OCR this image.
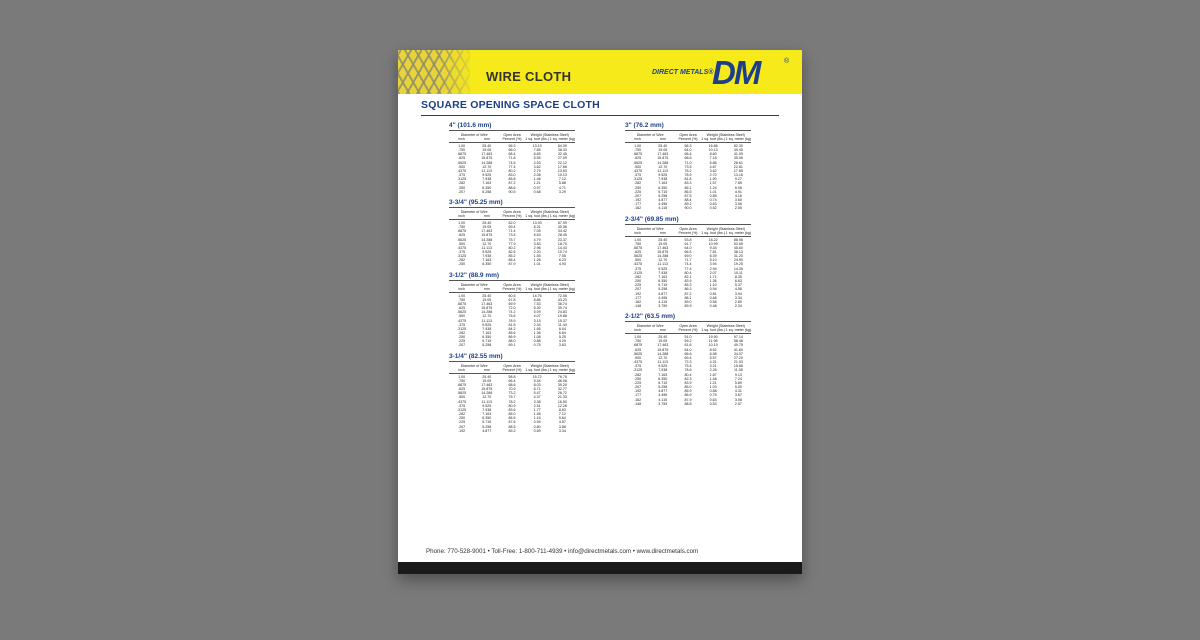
WIRE CLOTH	DIRECT METALS®
DM	®
SQUARE OPENING SPACE CLOTH
4" (101.6 mm)
Diameter of Wire
inch	mm
Open Area Percent (%)
Weight (Stainless Steel)
1 sq. foot (lbs.) 1 sq. meter (kg)
1.00	25.40	56.3	13.19	64.39
.750	19.05	66.0	7.85	38.33
.6875	17.463	68.4	6.65	32.45
.625	15.875	71.8	5.55	27.09
.5625	14.288	74.6	4.53	22.12
.500	12.70	77.4	3.62	17.66
.4375	11.113	80.2	2.79	13.63
.375	9.525	83.0	2.08	10.13
.3125	7.938	85.8	1.46	7.12
.282	7.163	87.2	1.21	5.88
.250	6.350	88.6	0.97	4.71
.207	5.258	90.5	0.68	3.29
3-3/4" (95.25 mm)
Diameter of Wire
inch	mm
Open Area Percent (%)
Weight (Stainless Steel)
1 sq. foot (lbs.) 1 sq. meter (kg)
1.00	25.40	62.0	13.93	67.99
.750	19.05	69.4	8.31	40.56
.6875	17.463	71.4	7.05	34.42
.625	15.875	73.5	5.63	28.45
.5625	14.288	75.7	4.79	23.37
.500	12.70	77.9	3.83	18.70
.4375	11.113	80.2	2.96	14.43
.375	9.525	82.6	2.20	10.74
.3125	7.938	85.2	1.55	7.55
.282	7.163	86.4	1.28	6.23
.250	6.350	87.9	1.01	4.93
3-1/2" (88.9 mm)
Diameter of Wire
inch	mm
Open Area Percent (%)
Weight (Stainless Steel)
1 sq. foot (lbs.) 1 sq. meter (kg)
1.00	25.40	60.5	14.76	72.06
.750	19.05	67.8	8.86	43.23
.6875	17.463	69.9	7.53	36.74
.625	15.875	72.0	6.30	30.74
.5625	14.288	74.2	5.09	24.83
.500	12.70	76.6	4.07	19.88
.4375	11.113	78.9	3.15	15.37
.375	9.525	81.5	2.34	11.44
.3125	7.938	84.2	1.65	8.04
.282	7.163	85.6	1.36	6.64
.250	6.350	86.9	1.08	5.25
.225	5.715	88.0	0.88	4.29
.207	5.258	89.1	0.75	3.63
3-1/4" (82.55 mm)
Diameter of Wire
inch	mm
Open Area Percent (%)
Weight (Stainless Steel)
1 sq. foot (lbs.) 1 sq. meter (kg)
1.00	25.40	58.8	15.72	76.75
.750	19.05	66.4	9.44	46.08
.6875	17.463	68.6	8.03	39.20
.625	15.875	70.9	6.71	32.77
.5625	14.288	73.2	5.47	26.72
.500	12.70	75.7	4.37	21.33
.4375	11.113	78.2	3.38	16.50
.375	9.525	80.9	2.51	12.28
.3125	7.938	83.6	1.77	8.63
.282	7.163	85.0	1.46	7.12
.250	6.350	86.5	1.16	5.64
.225	5.715	87.6	0.94	4.57
.207	5.258	88.5	0.80	3.88
.192	4.877	89.2	0.69	3.34
3" (76.2 mm)
Diameter of Wire
inch	mm
Open Area Percent (%)
Weight (Stainless Steel)
1 sq. foot (lbs.) 1 sq. meter (kg)
1.00	25.40	56.3	16.86	82.30
.750	19.05	64.0	10.13	49.45
.6875	17.463	66.4	8.60	41.99
.625	15.875	68.6	7.18	35.06
.5625	14.288	71.0	5.86	28.61
.500	12.70	73.5	4.67	22.81
.4375	11.113	76.2	3.62	17.65
.375	9.525	78.9	2.70	13.16
.3125	7.938	81.8	1.90	9.27
.282	7.163	83.3	1.57	7.65
.250	6.350	85.1	1.24	6.06
.225	5.715	86.5	1.01	4.91
.207	5.258	87.5	0.85	4.16
.192	4.877	88.4	0.74	3.60
.177	4.496	89.2	0.63	3.06
.162	4.115	90.0	0.52	2.55
2-3/4" (69.85 mm)
Diameter of Wire
inch	mm
Open Area Percent (%)
Weight (Stainless Steel)
1 sq. foot (lbs.) 1 sq. meter (kg)
1.00	25.40	53.8	18.22	88.96
.750	19.05	61.7	10.99	53.65
.6875	17.463	64.0	9.34	45.60
.625	15.875	66.5	7.81	38.13
.5625	14.288	69.0	6.39	31.20
.500	12.70	71.7	5.10	24.90
.4375	11.113	74.4	3.94	19.25
.375	9.525	77.4	2.94	14.35
.3125	7.938	80.4	2.07	10.11
.282	7.163	82.1	1.71	8.35
.250	6.350	83.9	1.36	6.63
.225	5.715	85.3	1.10	5.37
.207	5.258	86.3	0.94	4.56
.192	4.877	87.2	0.81	3.94
.177	4.496	88.1	0.68	3.34
.162	4.115	89.0	0.58	2.80
.148	3.759	89.9	0.48	2.34
2-1/2" (63.5 mm)
Diameter of Wire
inch	mm
Open Area Percent (%)
Weight (Stainless Steel)
1 sq. foot (lbs.) 1 sq. meter (kg)
1.00	25.40	51.0	19.90	97.14
.750	19.05	59.2	11.98	58.48
.6875	17.463	61.6	10.19	49.75
.625	15.875	64.0	8.52	41.60
.5625	14.288	66.6	6.98	34.07
.500	12.70	69.4	5.57	27.20
.4375	11.113	72.3	4.31	21.03
.375	9.525	75.4	3.21	15.68
.3125	7.938	78.6	2.26	11.05
.282	7.163	80.4	1.87	9.13
.250	6.350	82.3	1.48	7.24
.225	5.715	83.9	1.21	5.89
.207	5.258	85.0	1.03	5.00
.192	4.877	85.9	0.88	4.31
.177	4.496	86.9	0.75	3.67
.162	4.115	87.9	0.63	3.08
.148	3.759	88.8	0.53	2.57
Phone: 770-528-9001 • Toll-Free: 1-800-711-4939 • info@directmetals.com • www.directmetals.com
